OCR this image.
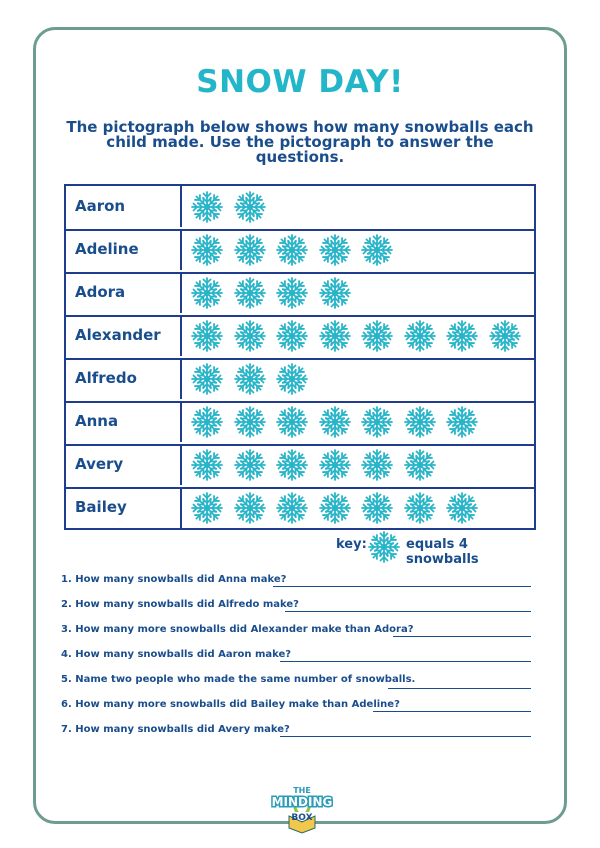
SNOW DAY!
The pictograph below shows how many snowballs each child made. Use the pictograph to answer the questions.
Aaron
Adeline
Adora
Alexander
Alfredo
Anna
Avery
Bailey
key:	equals 4 snowballs
1. How many snowballs did Anna make?
2. How many snowballs did Alfredo make?
3. How many more snowballs did Alexander make than Adora?
4. How many snowballs did Aaron make?
5. Name two people who made the same number of snowballs.
6. How many more snowballs did Bailey make than Adeline?
7. How many snowballs did Avery make?
THE
MINDING
BOX
